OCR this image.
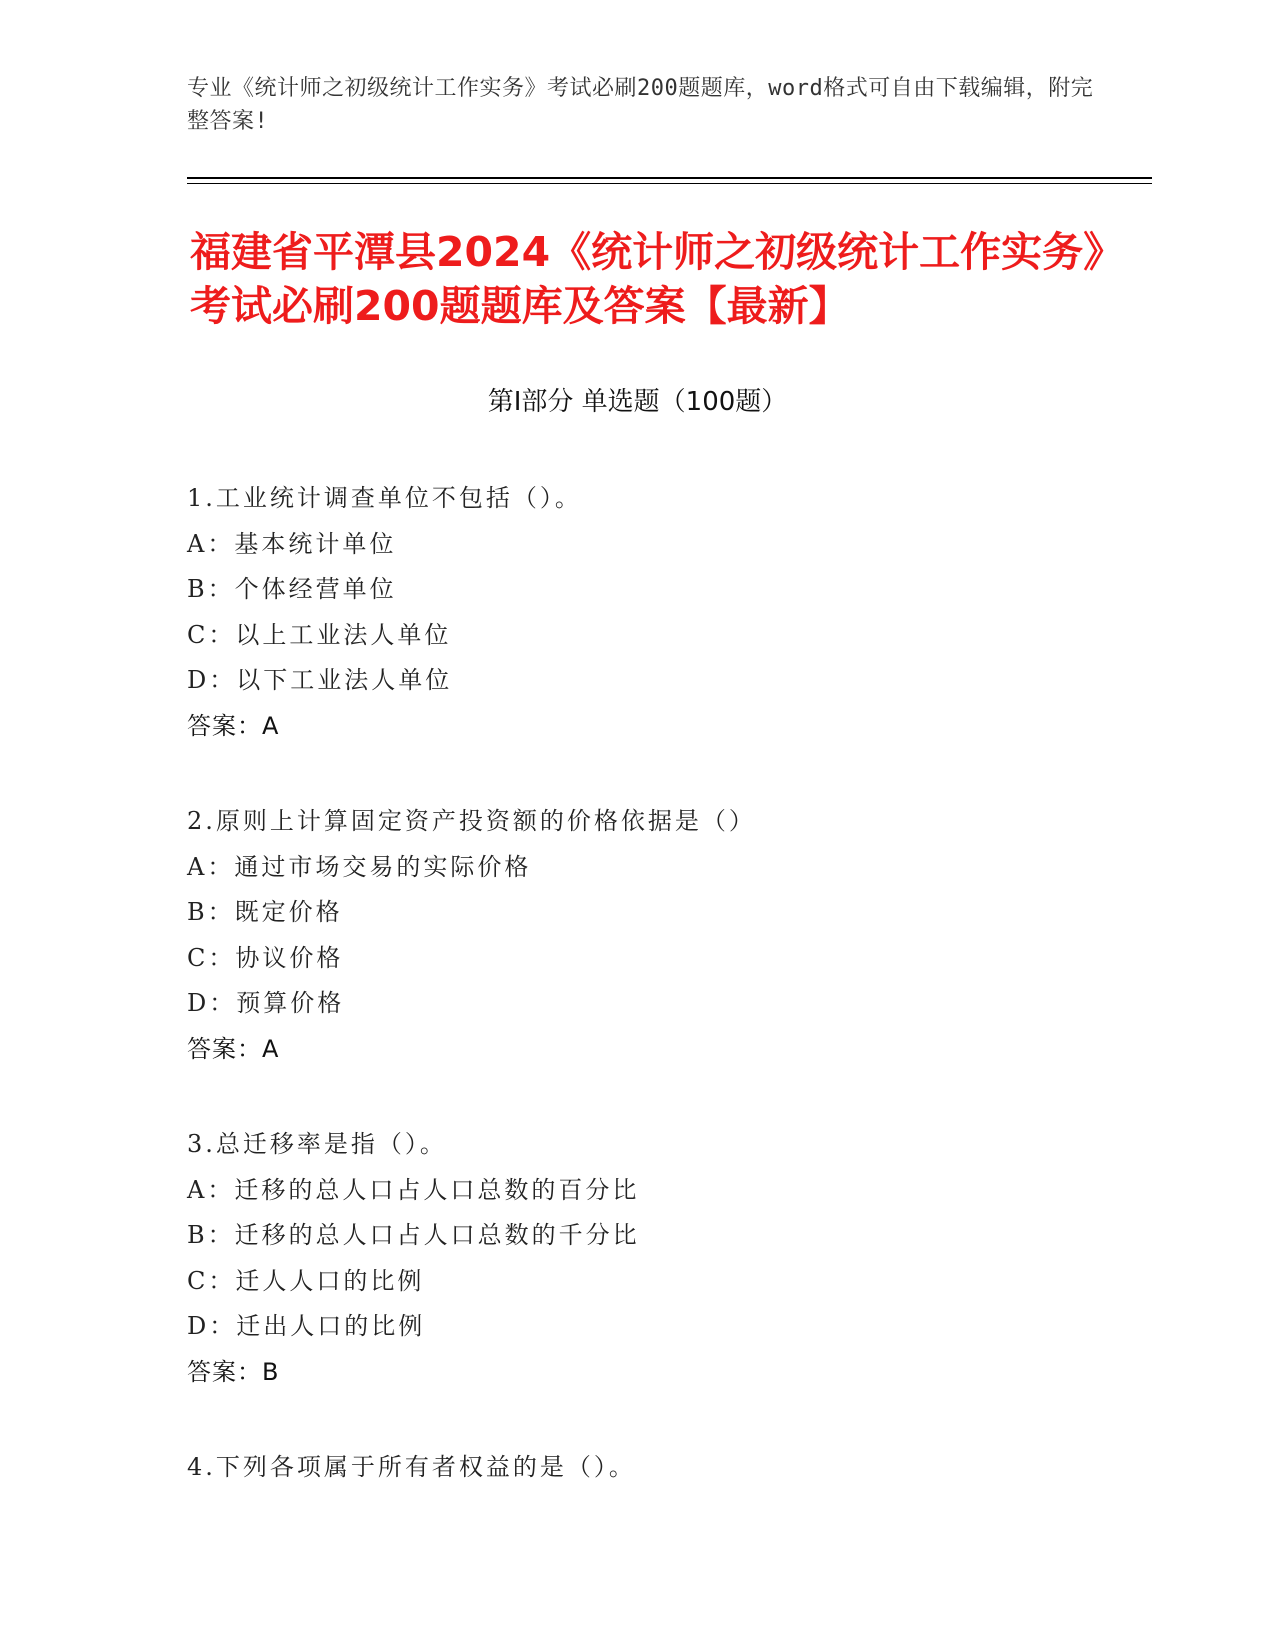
专业《统计师之初级统计工作实务》考试必刷200题题库，word格式可自由下载编辑，附完整答案!
福建省平潭县2024《统计师之初级统计工作实务》考试必刷200题题库及答案【最新】
第I部分 单选题（100题）
1.工业统计调查单位不包括（）。
A：基本统计单位
B：个体经营单位
C：以上工业法人单位
D：以下工业法人单位
答案：A
2.原则上计算固定资产投资额的价格依据是（）
A：通过市场交易的实际价格
B：既定价格
C：协议价格
D：预算价格
答案：A
3.总迁移率是指（）。
A：迁移的总人口占人口总数的百分比
B：迁移的总人口占人口总数的千分比
C：迁人人口的比例
D：迁出人口的比例
答案：B
4.下列各项属于所有者权益的是（）。
